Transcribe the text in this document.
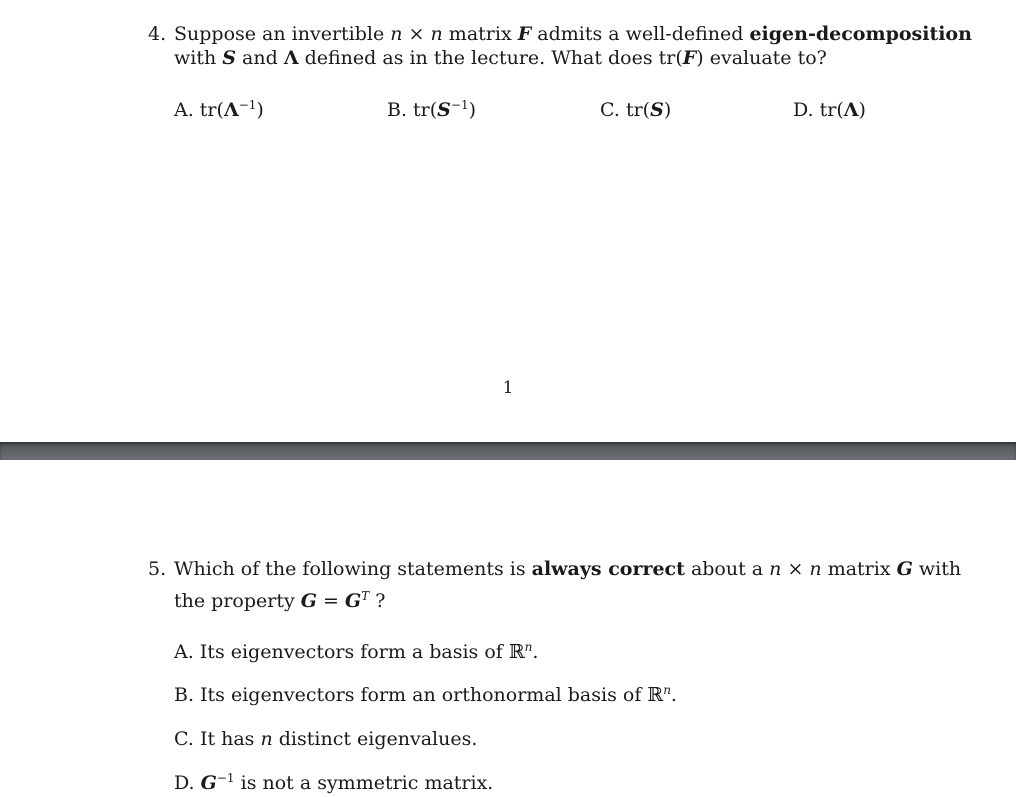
4. Suppose an invertible n × n matrix F admits a well-defined eigen-decomposition
with S and Λ defined as in the lecture. What does tr(F) evaluate to?
A. $tr(\Lambda^{-1})$	B. $tr(S^{-1})$	C. tr(S)	D. tr(Λ)
1
5. Which of the following statements is always correct about a n × n matrix G with
the property $G = G^T$ ?
A. Its eigenvectors form a basis of ℝ$^n$.
B. Its eigenvectors form an orthonormal basis of ℝ$^n$.
C. It has n distinct eigenvalues.
D. $G^{-1}$ is not a symmetric matrix.
